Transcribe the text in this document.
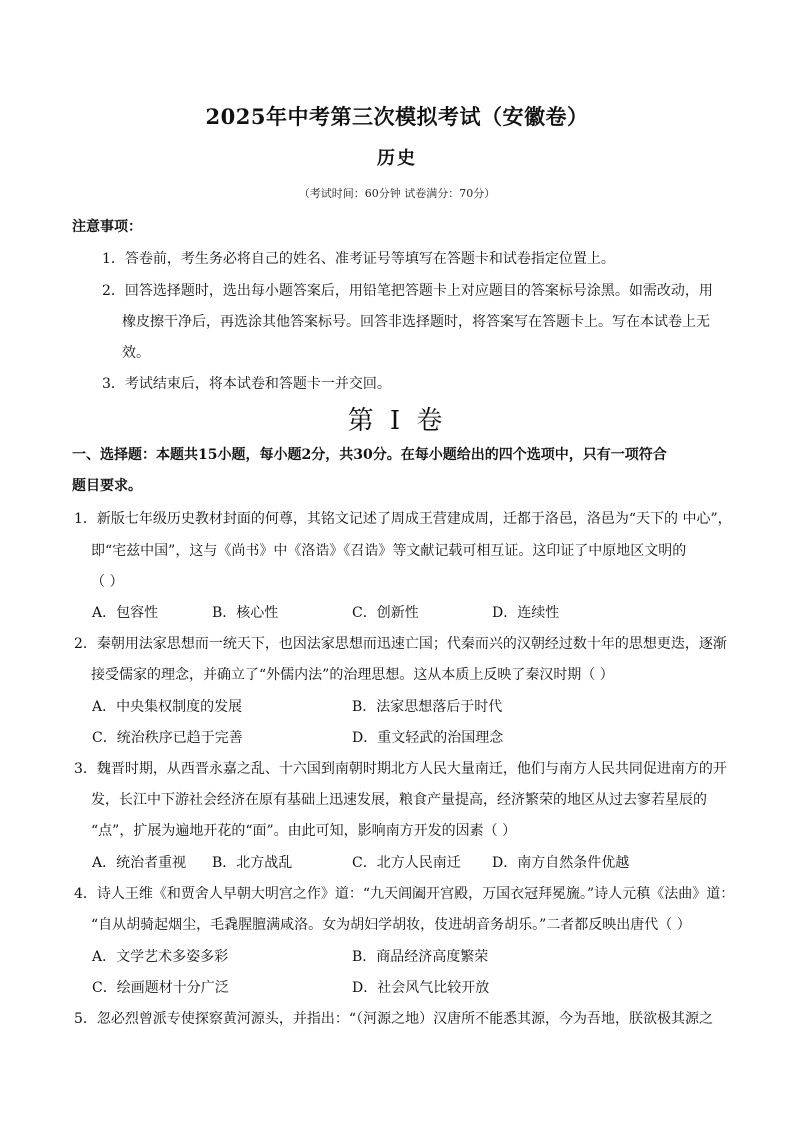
2025年中考第三次模拟考试（安徽卷）
历史
（考试时间：60分钟 试卷满分：70分）
注意事项：
1．答卷前，考生务必将自己的姓名、准考证号等填写在答题卡和试卷指定位置上。
2．回答选择题时，选出每小题答案后，用铅笔把答题卡上对应题目的答案标号涂黑。如需改动，用
橡皮擦干净后，再选涂其他答案标号。回答非选择题时，将答案写在答题卡上。写在本试卷上无
效。
3．考试结束后，将本试卷和答题卡一并交回。
第 I 卷
一、选择题：本题共15小题，每小题2分，共30分。在每小题给出的四个选项中，只有一项符合
题目要求。
1．新版七年级历史教材封面的何尊，其铭文记述了周成王营建成周，迁都于洛邑，洛邑为“天下的 中心”，
即“宅兹中国”，这与《尚书》中《洛诰》《召诰》等文献记载可相互证。这印证了中原地区文明的
（ ）
A．包容性	B．核心性	C．创新性	D．连续性
2．秦朝用法家思想而一统天下，也因法家思想而迅速亡国；代秦而兴的汉朝经过数十年的思想更迭，逐渐
接受儒家的理念，并确立了“外儒内法”的治理思想。这从本质上反映了秦汉时期（ ）
A．中央集权制度的发展	B．法家思想落后于时代
C．统治秩序已趋于完善	D．重文轻武的治国理念
3．魏晋时期，从西晋永嘉之乱、十六国到南朝时期北方人民大量南迁，他们与南方人民共同促进南方的开
发，长江中下游社会经济在原有基础上迅速发展，粮食产量提高，经济繁荣的地区从过去寥若星辰的
“点”，扩展为遍地开花的“面”。由此可知，影响南方开发的因素（ ）
A．统治者重视 B．北方战乱	C．北方人民南迁 D．南方自然条件优越
4．诗人王维《和贾舍人早朝大明宫之作》道：“九天阊阖开宫殿，万国衣冠拜冕旒。”诗人元稹《法曲》道：
“自从胡骑起烟尘，毛毳腥膻满咸洛。女为胡妇学胡妆，伎进胡音务胡乐。”二者都反映出唐代（ ）
A．文学艺术多姿多彩	B．商品经济高度繁荣
C．绘画题材十分广泛	D．社会风气比较开放
5．忽必烈曾派专使探察黄河源头，并指出：“（河源之地）汉唐所不能悉其源，今为吾地，朕欲极其源之
